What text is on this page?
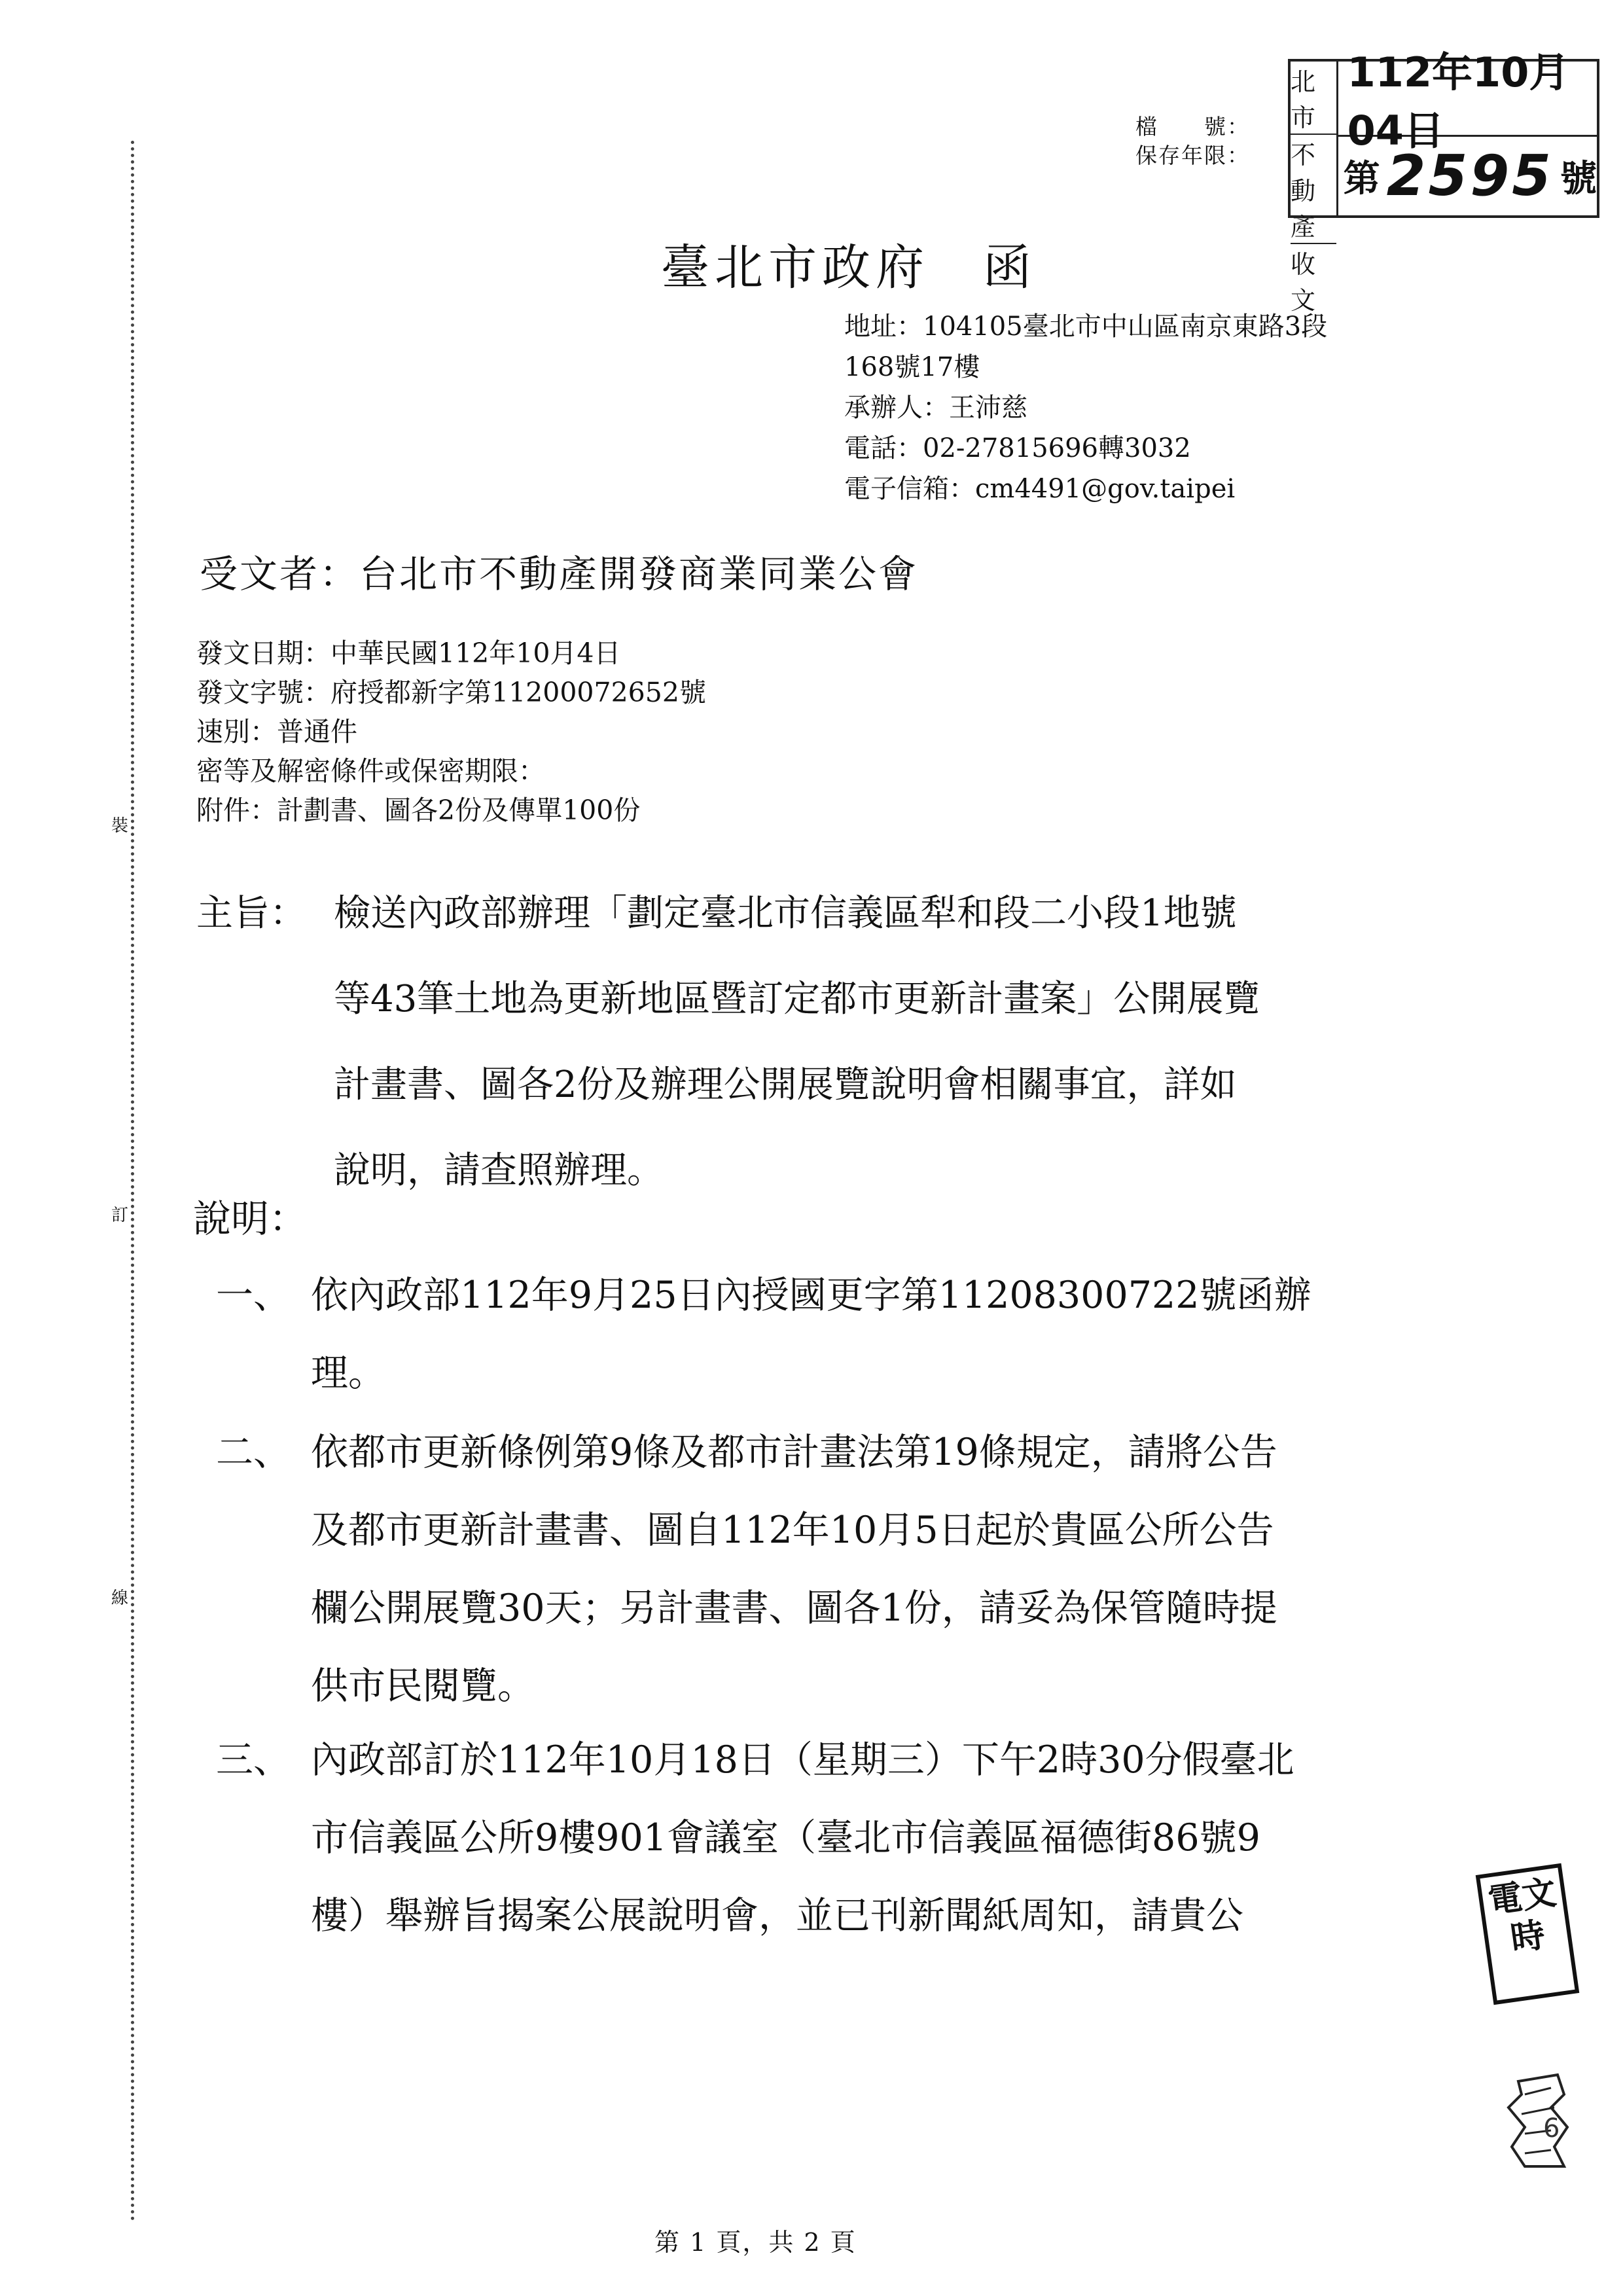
裝
訂
線
檔　　號：
保存年限：
北市
不動產
收文
112年10月04日
第 2595 號
臺北市政府　函
地址：104105臺北市中山區南京東路3段
168號17樓
承辦人：王沛慈
電話：02-27815696轉3032
電子信箱：cm4491@gov.taipei
受文者：台北市不動產開發商業同業公會
發文日期：中華民國112年10月4日
發文字號：府授都新字第11200072652號
速別：普通件
密等及解密條件或保密期限：
附件：計劃書、圖各2份及傳單100份
主旨： 檢送內政部辦理「劃定臺北市信義區犁和段二小段1地號
等43筆土地為更新地區暨訂定都市更新計畫案」公開展覽
計畫書、圖各2份及辦理公開展覽說明會相關事宜，詳如
說明，請查照辦理。
說明：
一、 依內政部112年9月25日內授國更字第11208300722號函辦
理。
二、 依都市更新條例第9條及都市計畫法第19條規定，請將公告
及都市更新計畫書、圖自112年10月5日起於貴區公所公告
欄公開展覽30天；另計畫書、圖各1份，請妥為保管隨時提
供市民閱覽。
三、 內政部訂於112年10月18日（星期三）下午2時30分假臺北
市信義區公所9樓901會議室（臺北市信義區福德街86號9
樓）舉辦旨揭案公展說明會，並已刊新聞紙周知，請貴公	電文時
6
第 1 頁，共 2 頁
